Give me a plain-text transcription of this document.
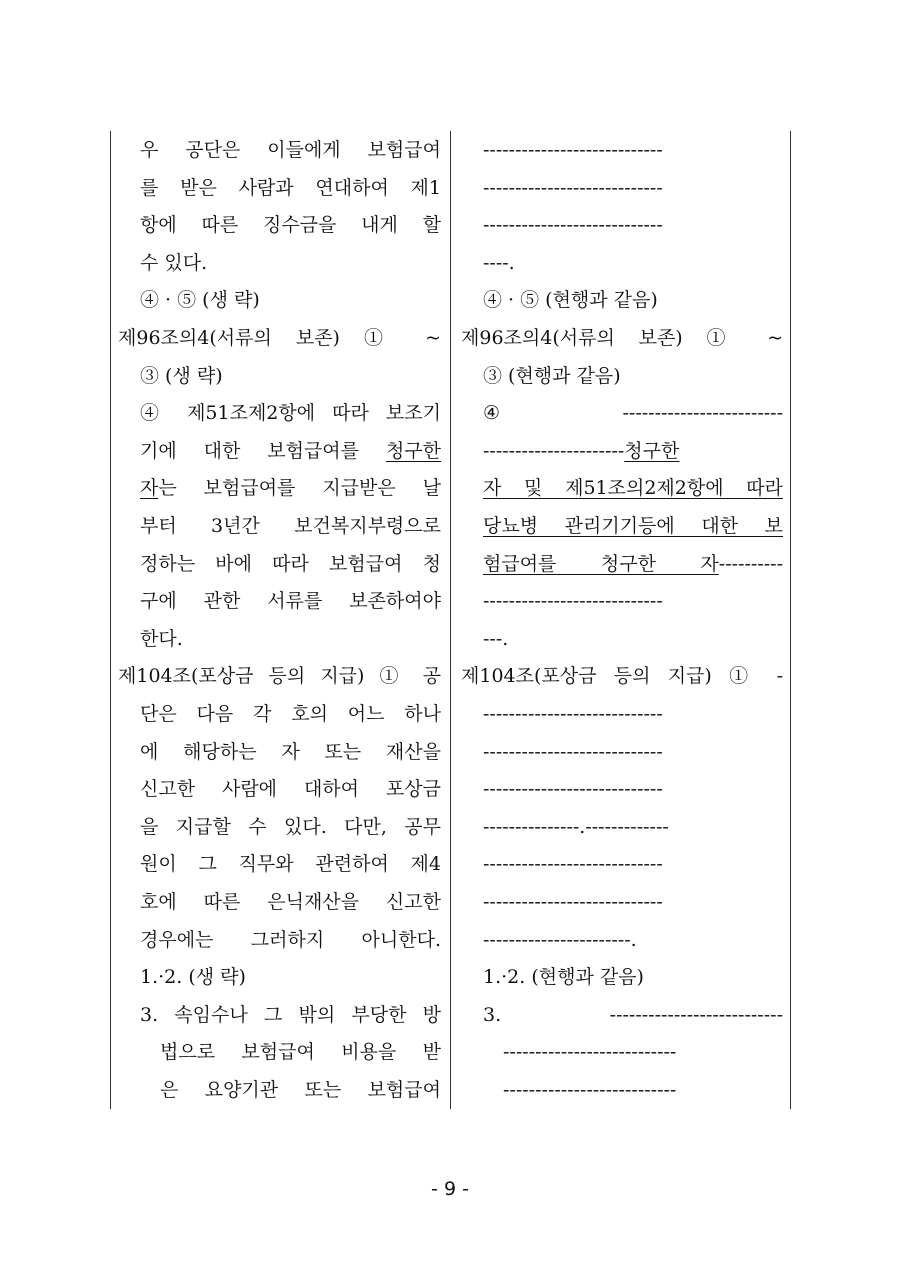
우 공단은 이들에게 보험급여
를 받은 사람과 연대하여 제1
항에 따른 징수금을 내게 할
수 있다.
④ · ⑤ (생 략)
제96조의4(서류의 보존) ① ~
③ (생 략)
④ 제51조제2항에 따라 보조기
기에 대한 보험급여를 청구한
자는 보험급여를 지급받은 날
부터 3년간 보건복지부령으로
정하는 바에 따라 보험급여 청
구에 관한 서류를 보존하여야
한다.
제104조(포상금 등의 지급) ① 공
단은 다음 각 호의 어느 하나
에 해당하는 자 또는 재산을
신고한 사람에 대하여 포상금
을 지급할 수 있다. 다만, 공무
원이 그 직무와 관련하여 제4
호에 따른 은닉재산을 신고한
경우에는 그러하지 아니한다.
1.·2. (생 략)
3. 속임수나 그 밖의 부당한 방
법으로 보험급여 비용을 받
은 요양기관 또는 보험급여
----------------------------
----------------------------
----------------------------
----.
④ · ⑤ (현행과 같음)
제96조의4(서류의 보존) ① ~
③ (현행과 같음)
④ -------------------------
----------------------청구한
자 및 제51조의2제2항에 따라
당뇨병 관리기기등에 대한 보
험급여를 청구한 자----------
----------------------------
---.
제104조(포상금 등의 지급) ① -
----------------------------
----------------------------
----------------------------
---------------.-------------
----------------------------
----------------------------
-----------------------.
1.·2. (현행과 같음)
3. ---------------------------
---------------------------
---------------------------
- 9 -
